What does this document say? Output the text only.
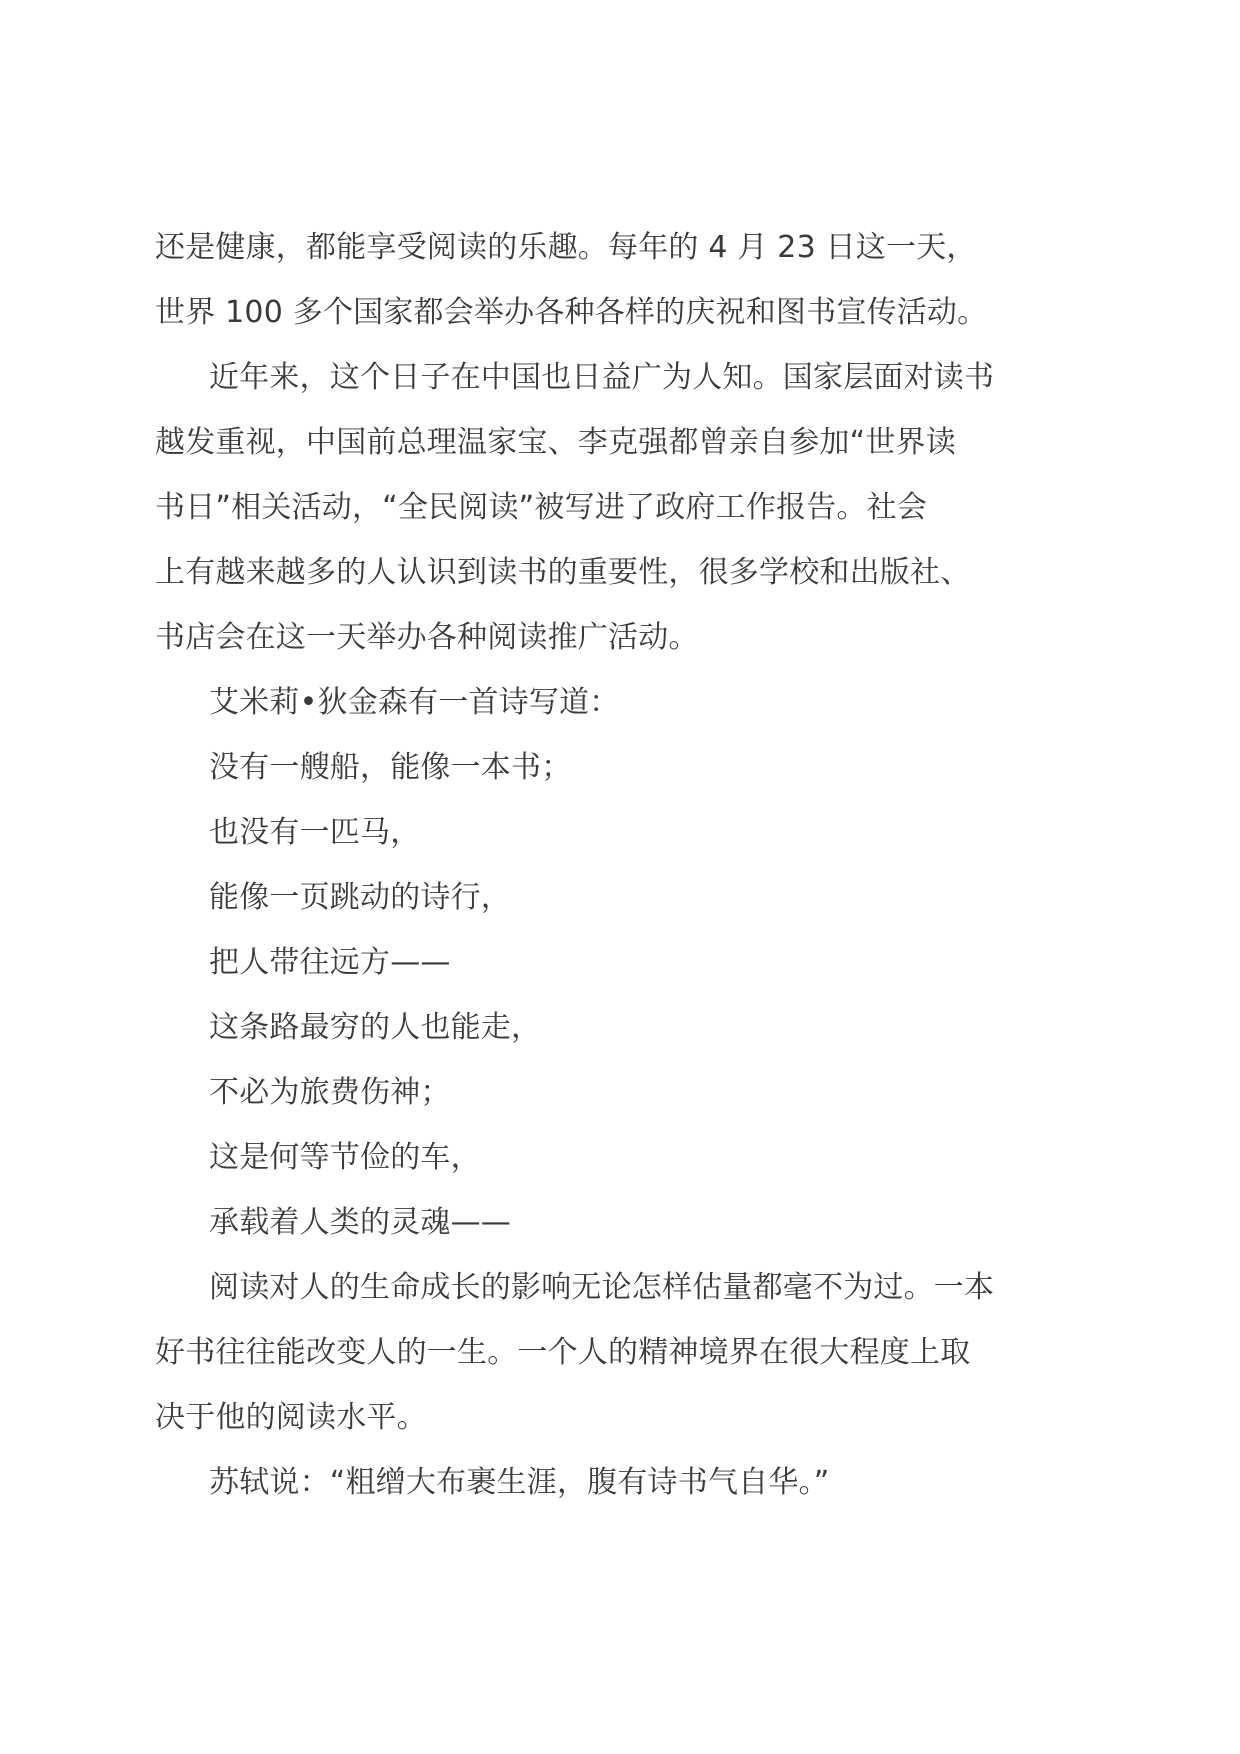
还是健康，都能享受阅读的乐趣。每年的 4 月 23 日这一天，
世界 100 多个国家都会举办各种各样的庆祝和图书宣传活动。
近年来，这个日子在中国也日益广为人知。国家层面对读书
越发重视，中国前总理温家宝、李克强都曾亲自参加“世界读
书日”相关活动，“全民阅读”被写进了政府工作报告。社会
上有越来越多的人认识到读书的重要性，很多学校和出版社、
书店会在这一天举办各种阅读推广活动。
艾米莉•狄金森有一首诗写道：
没有一艘船，能像一本书；
也没有一匹马，
能像一页跳动的诗行，
把人带往远方——
这条路最穷的人也能走，
不必为旅费伤神；
这是何等节俭的车，
承载着人类的灵魂——
阅读对人的生命成长的影响无论怎样估量都毫不为过。一本
好书往往能改变人的一生。一个人的精神境界在很大程度上取
决于他的阅读水平。
苏轼说：“粗缯大布裹生涯，腹有诗书气自华。”
